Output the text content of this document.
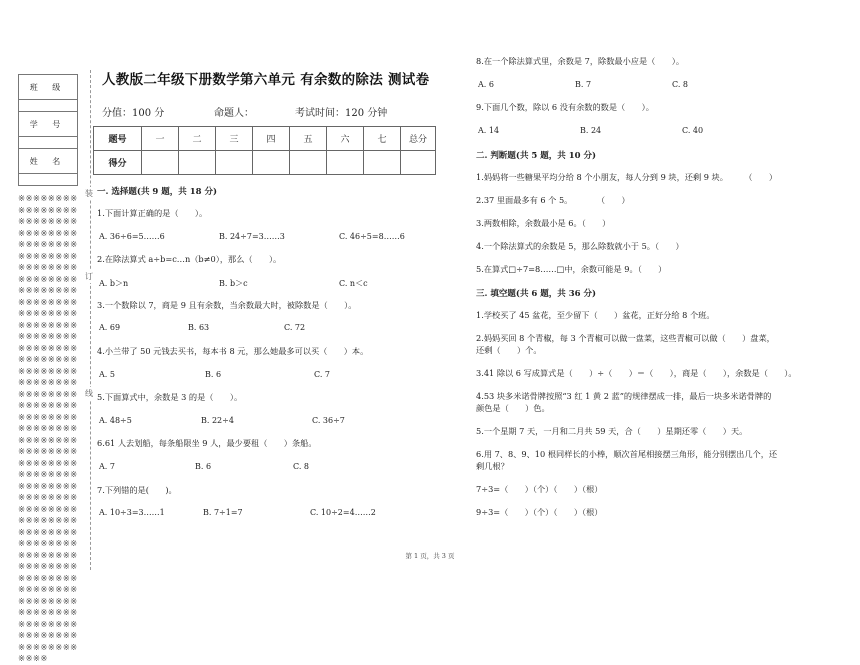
班 级

学 号

姓 名

※※※※※※※※※※※※※※※※※※※※※※※※※※※※※※※※※※※※※※※※※※※※※※※※※※※※※※※※※※※※※※※※※※※※※※※※※※※※※※※※※※※※※※※※※※※※※※※※※※※※※※※※※※※※※※※※※※※※※※※※※※※※※※※※※※※※※※※※※※※※※※※※※※※※※※※※※※※※※※※※※※※※※※※※※※※※※※※※※※※※※※※※※※※※※※※※※※※※※※※※※※※※※※※※※※※※※※※※※※※※※※※※※※※※※※※※※※※※※※※※※※※※※※※※※※※※※※※※※※※※※※※※※※※※※※※※※※※※※※※※※※※※※※※※※※※※※※※※※※※※※※※※※※※※※※※※※※※※※※※※※※※※
装
订
线
人教版二年级下册数学第六单元 有余数的除法 测试卷
分值：100 分	命题人：	考试时间：120 分钟
题号	一	二	三	四	五	六	七	总分
得分								
一. 选择题(共 9 题，共 18 分)
1.下面计算正确的是（　　）。
A. 36÷6=5……6	B. 24÷7=3……3	C. 46÷5=8……6
2.在除法算式 a÷b=c…n（b≠0），那么（　　）。
A. b＞n	B. b＞c	C. n＜c
3.一个数除以 7，商是 9 且有余数，当余数最大时，被除数是（　　）。
A. 69	B. 63	C. 72
4.小兰带了 50 元钱去买书，每本书 8 元，那么她最多可以买（　　）本。
A. 5	B. 6	C. 7
5.下面算式中，余数是 3 的是（　　）。
A. 48÷5	B. 22÷4	C. 36÷7
6.61 人去划船，每条船限坐 9 人，最少要租（　　）条船。
A. 7	B. 6	C. 8
7.下列错的是(　　)。
A. 10÷3=3……1	B. 7÷1=7	C. 10÷2=4……2
8.在一个除法算式里，余数是 7，除数最小应是（　　）。
A. 6	B. 7	C. 8
9.下面几个数，除以 6 没有余数的数是（　　）。
A. 14	B. 24	C. 40
二. 判断题(共 5 题，共 10 分)
1.妈妈将一些糖果平均分给 8 个小朋友，每人分到 9 块，还剩 9 块。　　　（　　）
2.37 里面最多有 6 个 5。　　　　（　　）
3.两数相除，余数最小是 6。（　　）
4.一个除法算式的余数是 5，那么除数就小于 5。（　　）
5.在算式□÷7=8……□中，余数可能是 9。（　　）
三. 填空题(共 6 题，共 36 分)
1.学校买了 45 盆花，至少留下（　　）盆花，正好分给 8 个班。
2.妈妈买回 8 个青椒，每 3 个青椒可以做一盘菜，这些青椒可以做（　　）盘菜，
还剩（　　）个。
3.41 除以 6 写成算式是（　　）÷（　　）＝（　　），商是（　　），余数是（　　）。
4.53 块多米诺骨牌按照“3 红 1 黄 2 蓝”的规律摆成一排，最后一块多米诺骨牌的
颜色是（　　）色。
5.一个星期 7 天，一月和二月共 59 天，合（　　）星期还零（　　）天。
6.用 7、8、9、10 根同样长的小棒，顺次首尾相接摆三角形，能分别摆出几个，还
剩几根？
7÷3=（　　）（个）（　　）（根）
9÷3=（　　）（个）（　　）（根）
第 1 页，共 3 页
